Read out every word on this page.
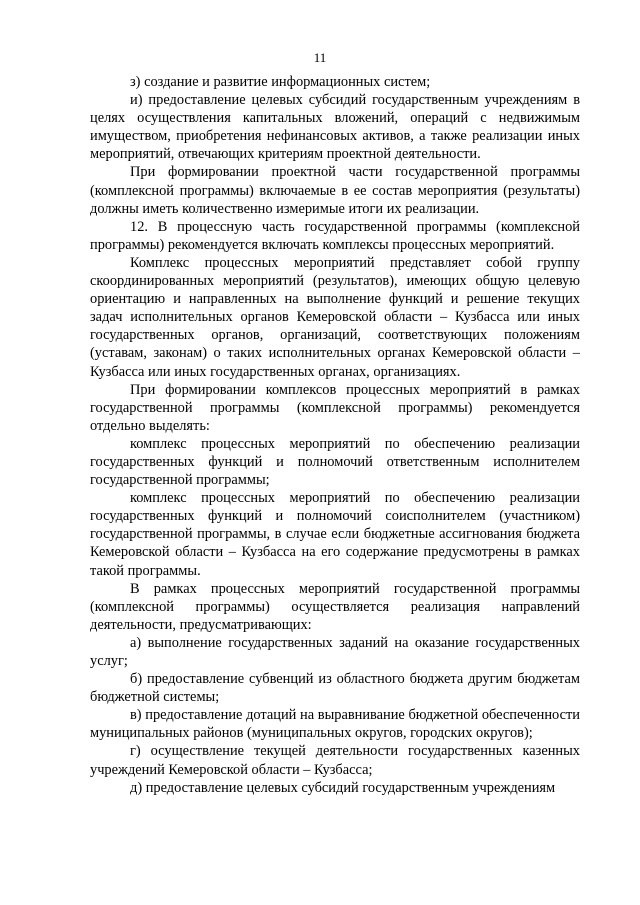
11

з) создание и развитие информационных систем;

и) предоставление целевых субсидий государственным учреждениям в целях осуществления капитальных вложений, операций с недвижимым имуществом, приобретения нефинансовых активов, а также реализации иных мероприятий, отвечающих критериям проектной деятельности.

При формировании проектной части государственной программы (комплексной программы) включаемые в ее состав мероприятия (результаты) должны иметь количественно измеримые итоги их реализации.

12. В процессную часть государственной программы (комплексной программы) рекомендуется включать комплексы процессных мероприятий.

Комплекс процессных мероприятий представляет собой группу скоординированных мероприятий (результатов), имеющих общую целевую ориентацию и направленных на выполнение функций и решение текущих задач исполнительных органов Кемеровской области – Кузбасса или иных государственных органов, организаций, соответствующих положениям (уставам, законам) о таких исполнительных органах Кемеровской области – Кузбасса или иных государственных органах, организациях.

При формировании комплексов процессных мероприятий в рамках государственной программы (комплексной программы) рекомендуется отдельно выделять:

комплекс процессных мероприятий по обеспечению реализации государственных функций и полномочий ответственным исполнителем государственной программы;

комплекс процессных мероприятий по обеспечению реализации государственных функций и полномочий соисполнителем (участником) государственной программы, в случае если бюджетные ассигнования бюджета Кемеровской области – Кузбасса на его содержание предусмотрены в рамках такой программы.

В рамках процессных мероприятий государственной программы (комплексной программы) осуществляется реализация направлений деятельности, предусматривающих:

а) выполнение государственных заданий на оказание государственных услуг;

б) предоставление субвенций из областного бюджета другим бюджетам бюджетной системы;

в) предоставление дотаций на выравнивание бюджетной обеспеченности муниципальных районов (муниципальных округов, городских округов);

г) осуществление текущей деятельности государственных казенных учреждений Кемеровской области – Кузбасса;

д) предоставление целевых субсидий государственным учреждениям
